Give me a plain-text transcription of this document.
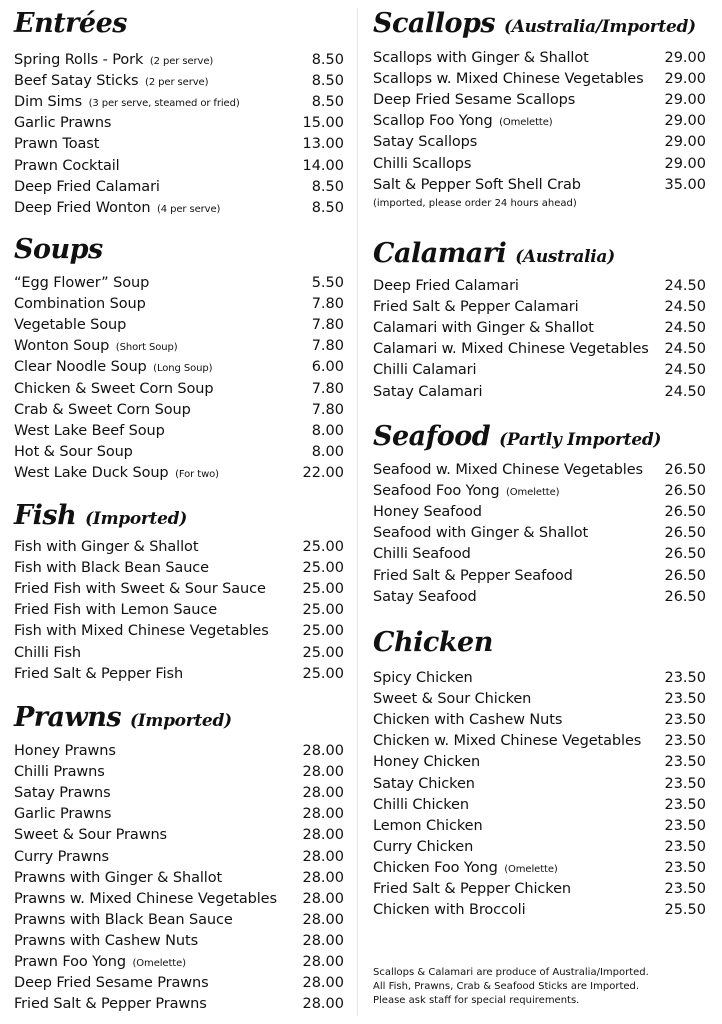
Entrées
Soups
Fish (Imported)
Prawns (Imported)
Spring Rolls - Pork (2 per serve)	8.50
Beef Satay Sticks (2 per serve)	8.50
Dim Sims (3 per serve, steamed or fried)	8.50
Garlic Prawns	15.00
Prawn Toast	13.00
Prawn Cocktail	14.00
Deep Fried Calamari	8.50
Deep Fried Wonton (4 per serve)	8.50
“Egg Flower” Soup	5.50
Combination Soup	7.80
Vegetable Soup	7.80
Wonton Soup (Short Soup)	7.80
Clear Noodle Soup (Long Soup)	6.00
Chicken & Sweet Corn Soup	7.80
Crab & Sweet Corn Soup	7.80
West Lake Beef Soup	8.00
Hot & Sour Soup	8.00
West Lake Duck Soup (For two)	22.00
Fish with Ginger & Shallot	25.00
Fish with Black Bean Sauce	25.00
Fried Fish with Sweet & Sour Sauce	25.00
Fried Fish with Lemon Sauce	25.00
Fish with Mixed Chinese Vegetables	25.00
Chilli Fish	25.00
Fried Salt & Pepper Fish	25.00
Honey Prawns	28.00
Chilli Prawns	28.00
Satay Prawns	28.00
Garlic Prawns	28.00
Sweet & Sour Prawns	28.00
Curry Prawns	28.00
Prawns with Ginger & Shallot	28.00
Prawns w. Mixed Chinese Vegetables	28.00
Prawns with Black Bean Sauce	28.00
Prawns with Cashew Nuts	28.00
Prawn Foo Yong (Omelette)	28.00
Deep Fried Sesame Prawns	28.00
Fried Salt & Pepper Prawns	28.00
Scallops (Australia/Imported)
(imported, please order 24 hours ahead)
Calamari (Australia)
Seafood (Partly Imported)
Chicken
Scallops & Calamari are produce of Australia/Imported.
All Fish, Prawns, Crab & Seafood Sticks are Imported.
Please ask staff for special requirements.
Scallops with Ginger & Shallot	29.00
Scallops w. Mixed Chinese Vegetables	29.00
Deep Fried Sesame Scallops	29.00
Scallop Foo Yong (Omelette)	29.00
Satay Scallops	29.00
Chilli Scallops	29.00
Salt & Pepper Soft Shell Crab	35.00
Deep Fried Calamari	24.50
Fried Salt & Pepper Calamari	24.50
Calamari with Ginger & Shallot	24.50
Calamari w. Mixed Chinese Vegetables	24.50
Chilli Calamari	24.50
Satay Calamari	24.50
Seafood w. Mixed Chinese Vegetables	26.50
Seafood Foo Yong (Omelette)	26.50
Honey Seafood	26.50
Seafood with Ginger & Shallot	26.50
Chilli Seafood	26.50
Fried Salt & Pepper Seafood	26.50
Satay Seafood	26.50
Spicy Chicken	23.50
Sweet & Sour Chicken	23.50
Chicken with Cashew Nuts	23.50
Chicken w. Mixed Chinese Vegetables	23.50
Honey Chicken	23.50
Satay Chicken	23.50
Chilli Chicken	23.50
Lemon Chicken	23.50
Curry Chicken	23.50
Chicken Foo Yong (Omelette)	23.50
Fried Salt & Pepper Chicken	23.50
Chicken with Broccoli	25.50
